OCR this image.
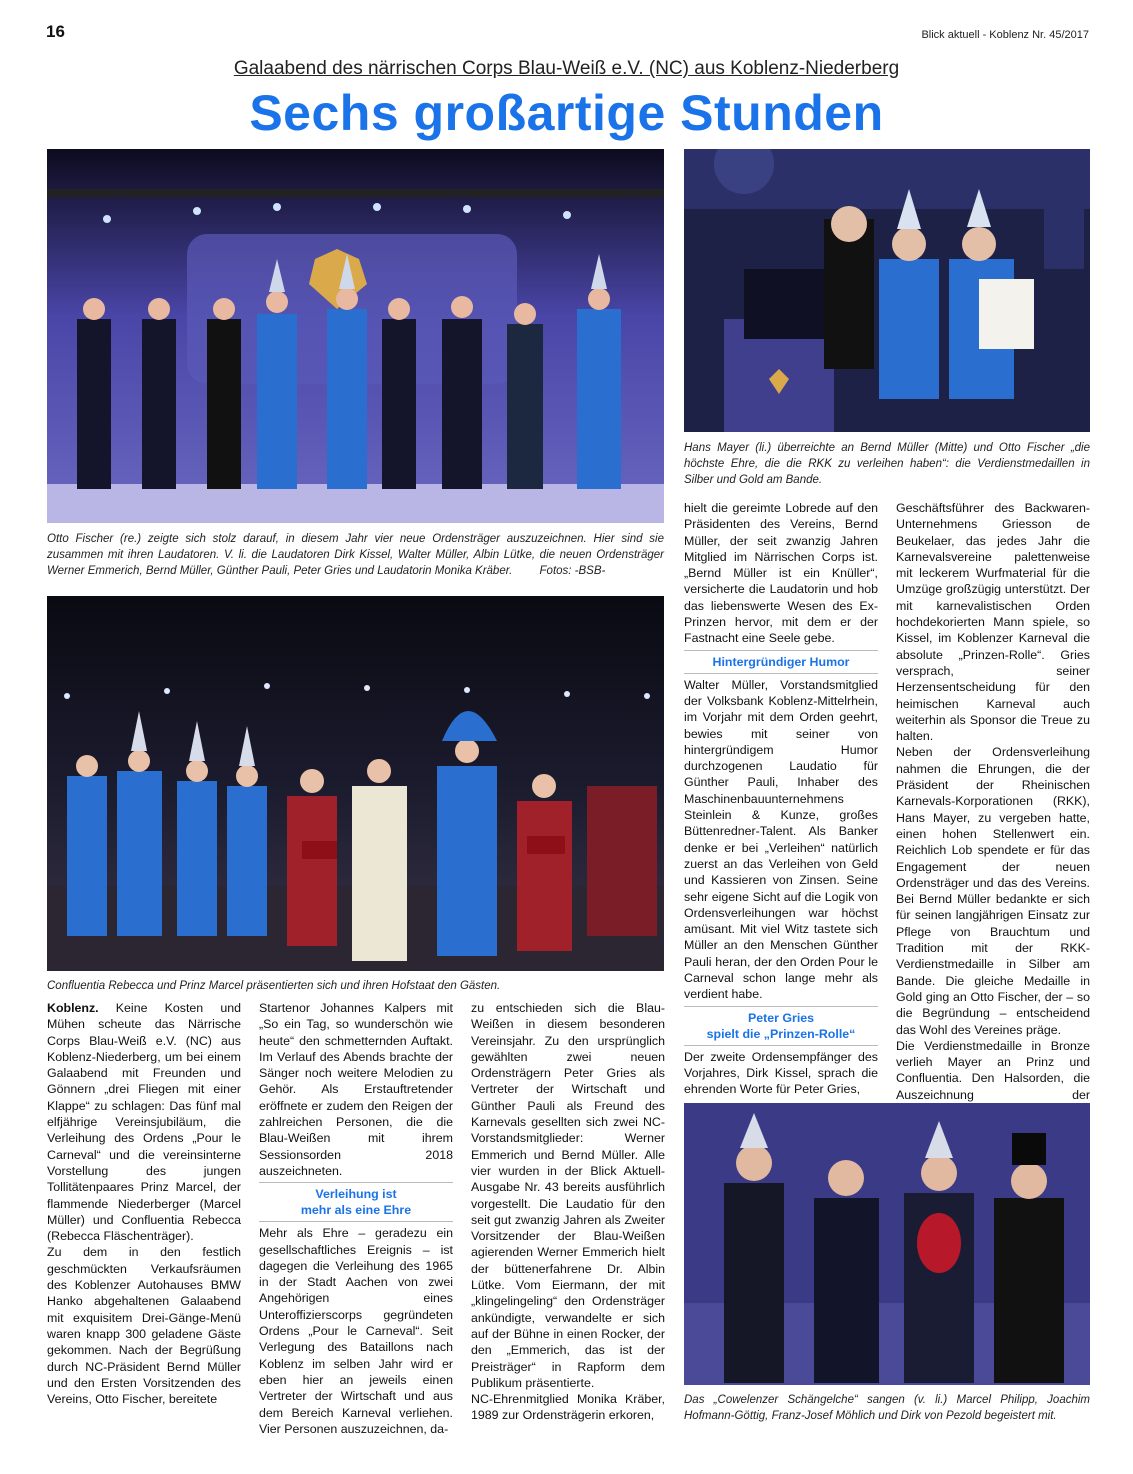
16	Blick aktuell - Koblenz Nr. 45/2017
Galaabend des närrischen Corps Blau-Weiß e.V. (NC) aus Koblenz-Niederberg
Sechs großartige Stunden
Otto Fischer (re.) zeigte sich stolz darauf, in diesem Jahr vier neue Ordensträger auszuzeichnen. Hier sind sie zusammen mit ihren Laudatoren. V. li. die Laudatoren Dirk Kissel, Walter Müller, Albin Lütke, die neuen Ordensträger Werner Emmerich, Bernd Müller, Günther Pauli, Peter Gries und Laudatorin Monika Kräber. Fotos: -BSB-
Hans Mayer (li.) überreichte an Bernd Müller (Mitte) und Otto Fischer „die höchste Ehre, die die RKK zu verleihen haben“: die Verdienstmedaillen in Silber und Gold am Bande.
Confluentia Rebecca und Prinz Marcel präsentierten sich und ihren Hofstaat den Gästen.

Koblenz. Keine Kosten und Mühen scheute das Närrische Corps Blau-Weiß e.V. (NC) aus Koblenz-Niederberg, um bei einem Galaabend mit Freunden und Gönnern „drei Fliegen mit einer Klappe“ zu schlagen: Das fünf mal elfjährige Vereinsjubiläum, die Verleihung des Ordens „Pour le Carneval“ und die vereinsinterne Vorstellung des jungen Tollitätenpaares Prinz Marcel, der flammende Niederberger (Marcel Müller) und Confluentia Rebecca (Rebecca Fläschenträger).

Zu dem in den festlich geschmückten Verkaufsräumen des Koblenzer Autohauses BMW Hanko abgehaltenen Galaabend mit exquisitem Drei-Gänge-Menü waren knapp 300 geladene Gäste gekommen. Nach der Begrüßung durch NC-Präsident Bernd Müller und den Ersten Vorsitzenden des Vereins, Otto Fischer, bereitete

Startenor Johannes Kalpers mit „So ein Tag, so wunderschön wie heute“ den schmetternden Auftakt. Im Verlauf des Abends brachte der Sänger noch weitere Melodien zu Gehör. Als Erstauftretender eröffnete er zudem den Reigen der zahlreichen Personen, die die Blau-Weißen mit ihrem Sessionsorden 2018 auszeichneten.

Verleihung ist
mehr als eine Ehre

Mehr als Ehre – geradezu ein gesellschaftliches Ereignis – ist dagegen die Verleihung des 1965 in der Stadt Aachen von zwei Angehörigen eines Unteroffizierscorps gegründeten Ordens „Pour le Carneval“. Seit Verlegung des Bataillons nach Koblenz im selben Jahr wird er eben hier an jeweils einen Vertreter der Wirtschaft und aus dem Bereich Karneval verliehen. Vier Personen auszuzeichnen, da-

hielt die gereimte Lobrede auf den Präsidenten des Vereins, Bernd Müller, der seit zwanzig Jahren Mitglied im Närrischen Corps ist. „Bernd Müller ist ein Knüller“, versicherte die Laudatorin und hob das liebenswerte Wesen des Ex-Prinzen hervor, mit dem er der Fastnacht eine Seele gebe.

Hintergründiger Humor

Walter Müller, Vorstandsmitglied der Volksbank Koblenz-Mittelrhein, im Vorjahr mit dem Orden geehrt, bewies mit seiner von hintergründigem Humor durchzogenen Laudatio für Günther Pauli, Inhaber des Maschinenbauunternehmens Steinlein & Kunze, großes Büttenredner-Talent. Als Banker denke er bei „Verleihen“ natürlich zuerst an das Verleihen von Geld und Kassieren von Zinsen. Seine sehr eigene Sicht auf die Logik von Ordensverleihungen war höchst amüsant. Mit viel Witz tastete sich Müller an den Menschen Günther Pauli heran, der den Orden Pour le Carneval schon lange mehr als verdient habe.

Peter Gries
spielt die „Prinzen-Rolle“

Der zweite Ordensempfänger des Vorjahres, Dirk Kissel, sprach die ehrenden Worte für Peter Gries,

zu entschieden sich die Blau-Weißen in diesem besonderen Vereinsjahr. Zu den ursprünglich gewählten zwei neuen Ordensträgern Peter Gries als Vertreter der Wirtschaft und Günther Pauli als Freund des Karnevals gesellten sich zwei NC-Vorstandsmitglieder: Werner Emmerich und Bernd Müller. Alle vier wurden in der Blick Aktuell-Ausgabe Nr. 43 bereits ausführlich vorgestellt. Die Laudatio für den seit gut zwanzig Jahren als Zweiter Vorsitzender der Blau-Weißen agierenden Werner Emmerich hielt der büttenerfahrene Dr. Albin Lütke. Vom Eiermann, der mit „klingelingeling“ den Ordensträger ankündigte, verwandelte er sich auf der Bühne in einen Rocker, der den „Emmerich, das ist der Preisträger“ in Rapform dem Publikum präsentierte.

NC-Ehrenmitglied Monika Kräber, 1989 zur Ordensträgerin erkoren,

Geschäftsführer des Backwaren-Unternehmens Griesson de Beukelaer, das jedes Jahr die Karnevalsvereine palettenweise mit leckerem Wurfmaterial für die Umzüge großzügig unterstützt. Der mit karnevalistischen Orden hochdekorierten Mann spiele, so Kissel, im Koblenzer Karneval die absolute „Prinzen-Rolle“. Gries versprach, seiner Herzensentscheidung für den heimischen Karneval auch weiterhin als Sponsor die Treue zu halten.

Neben der Ordensverleihung nahmen die Ehrungen, die der Präsident der Rheinischen Karnevals-Korporationen (RKK), Hans Mayer, zu vergeben hatte, einen hohen Stellenwert ein. Reichlich Lob spendete er für das Engagement der neuen Ordensträger und das des Vereins. Bei Bernd Müller bedankte er sich für seinen langjährigen Einsatz zur Pflege von Brauchtum und Tradition mit der RKK-Verdienstmedaille in Silber am Bande. Die gleiche Medaille in Gold ging an Otto Fischer, der – so die Begründung – entscheidend das Wohl des Vereines präge.

Die Verdienstmedaille in Bronze verlieh Mayer an Prinz und Confluentia. Den Halsorden, die Auszeichnung der

Das „Cowelenzer Schängelche“ sangen (v. li.) Marcel Philipp, Joachim Hofmann-Göttig, Franz-Josef Möhlich und Dirk von Pezold begeistert mit.
